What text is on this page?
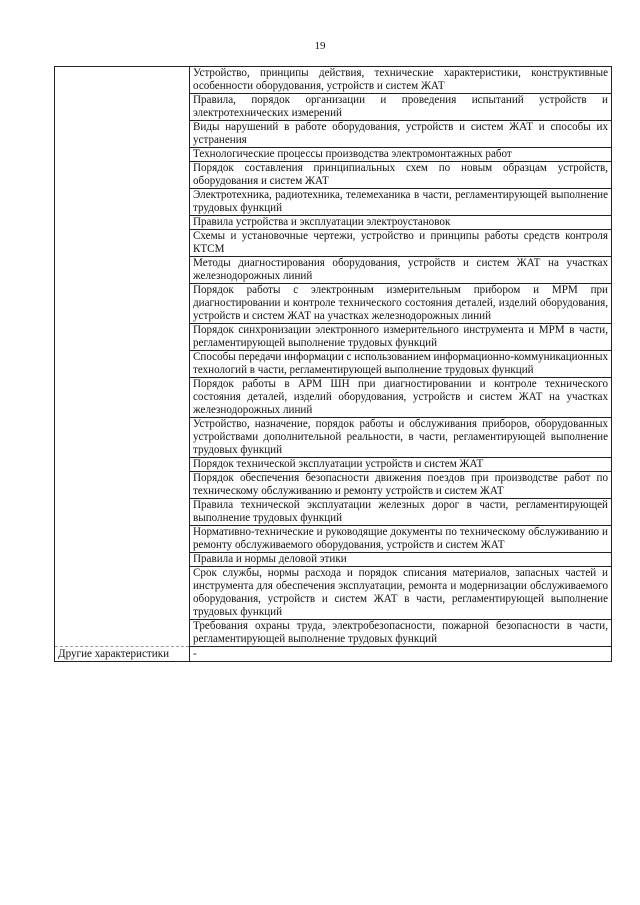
19
	Устройство, принципы действия, технические характеристики, конструктивные особенности оборудования, устройств и систем ЖАТ
	Правила, порядок организации и проведения испытаний устройств и электротехнических измерений
	Виды нарушений в работе оборудования, устройств и систем ЖАТ и способы их устранения
	Технологические процессы производства электромонтажных работ
	Порядок составления принципиальных схем по новым образцам устройств, оборудования и систем ЖАТ
	Электротехника, радиотехника, телемеханика в части, регламентирующей выполнение трудовых функций
	Правила устройства и эксплуатации электроустановок
	Схемы и установочные чертежи, устройство и принципы работы средств контроля КТСМ
	Методы диагностирования оборудования, устройств и систем ЖАТ на участках железнодорожных линий
	Порядок работы с электронным измерительным прибором и МРМ при диагностировании и контроле технического состояния деталей, изделий оборудования, устройств и систем ЖАТ на участках железнодорожных линий
	Порядок синхронизации электронного измерительного инструмента и МРМ в части, регламентирующей выполнение трудовых функций
	Способы передачи информации с использованием информационно-коммуникационных технологий в части, регламентирующей выполнение трудовых функций
	Порядок работы в АРМ ШН при диагностировании и контроле технического состояния деталей, изделий оборудования, устройств и систем ЖАТ на участках железнодорожных линий
	Устройство, назначение, порядок работы и обслуживания приборов, оборудованных устройствами дополнительной реальности, в части, регламентирующей выполнение трудовых функций
	Порядок технической эксплуатации устройств и систем ЖАТ
	Порядок обеспечения безопасности движения поездов при производстве работ по техническому обслуживанию и ремонту устройств и систем ЖАТ
	Правила технической эксплуатации железных дорог в части, регламентирующей выполнение трудовых функций
	Нормативно-технические и руководящие документы по техническому обслуживанию и ремонту обслуживаемого оборудования, устройств и систем ЖАТ
	Правила и нормы деловой этики
	Срок службы, нормы расхода и порядок списания материалов, запасных частей и инструмента для обеспечения эксплуатации, ремонта и модернизации обслуживаемого оборудования, устройств и систем ЖАТ в части, регламентирующей выполнение трудовых функций
	Требования охраны труда, электробезопасности, пожарной безопасности в части, регламентирующей выполнение трудовых функций
Другие характеристики	-
